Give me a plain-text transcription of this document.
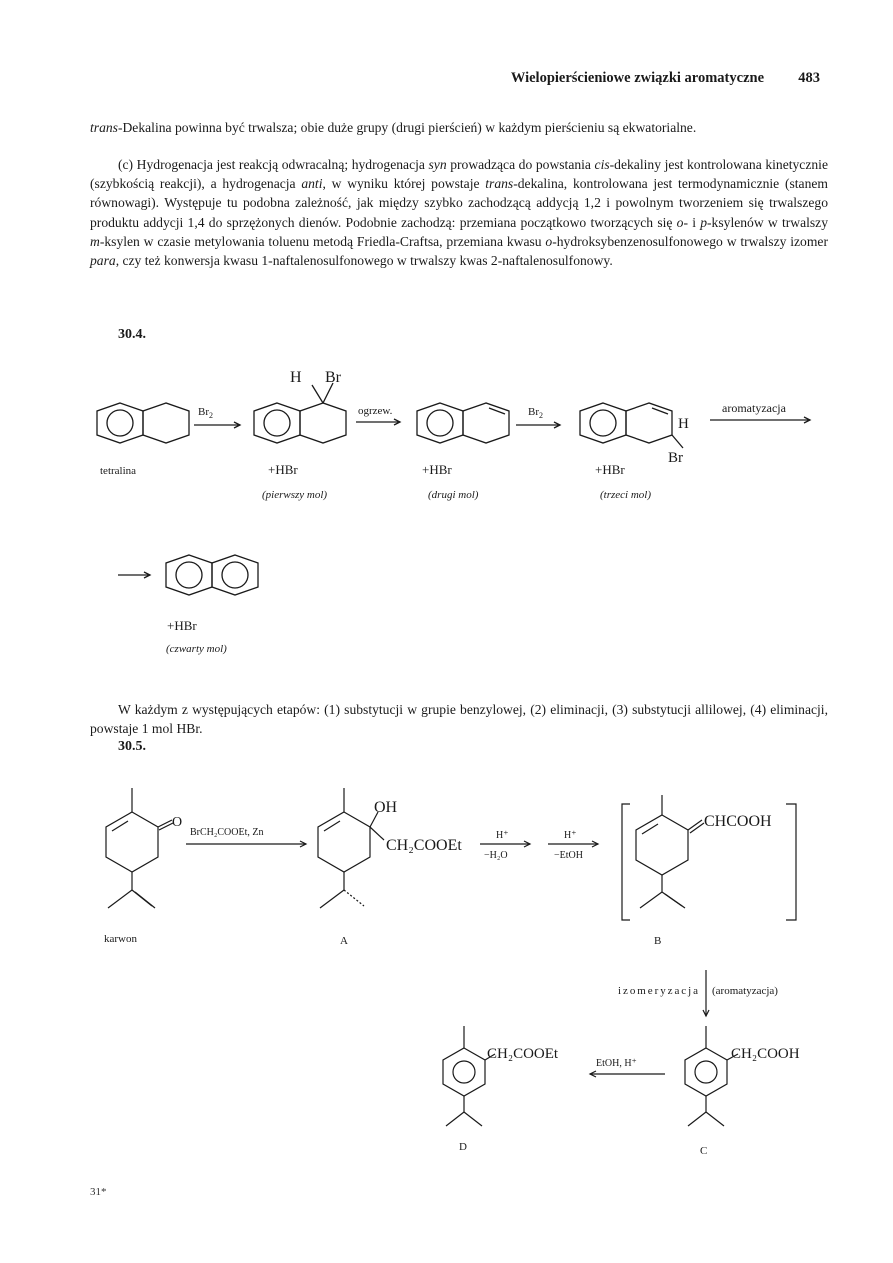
Wielopierścieniowe związki aromatyczne 483

trans-Dekalina powinna być trwalsza; obie duże grupy (drugi pierścień) w każdym pierścieniu są ekwatorialne.

(c) Hydrogenacja jest reakcją odwracalną; hydrogenacja syn prowadząca do powstania cis-dekaliny jest kontrolowana kinetycznie (szybkością reakcji), a hydrogenacja anti, w wyniku której powstaje trans-dekalina, kontrolowana jest termodynamicznie (stanem równowagi). Występuje tu podobna zależność, jak między szybko zachodzącą addycją 1,2 i powolnym tworzeniem się trwalszego produktu addycji 1,4 do sprzężonych dienów. Podobnie zachodzą: przemiana początkowo tworzących się o- i p-ksylenów w trwalszy m-ksylen w czasie metylowania toluenu metodą Friedla-Craftsa, przemiana kwasu o-hydroksybenzenosulfonowego w trwalszy izomer para, czy też konwersja kwasu 1-naftalenosulfonowego w trwalszy kwas 2-naftalenosulfonowy.

30.4.
$Br_2$
H Br
ogrzew.	$Br_2$
H
Br
aromatyzacja
tetralina	+HBr	+HBr	+HBr
(pierwszy mol)	(drugi mol)	(trzeci mol)
+HBr
(czwarty mol)

W każdym z występujących etapów: (1) substytucji w grupie benzylowej, (2) eliminacji, (3) substytucji allilowej, (4) eliminacji, powstaje 1 mol HBr.

30.5.
O
BrCH₂COOEt, Zn
karwon
OH
CH₂COOEt
H⁺
−H₂O
H⁺
−EtOH
CHCOOH
A	B
izomeryzacja (aromatyzacja)
CH₂COOEt
EtOH, H⁺
CH₂COOH
C
D
31*
